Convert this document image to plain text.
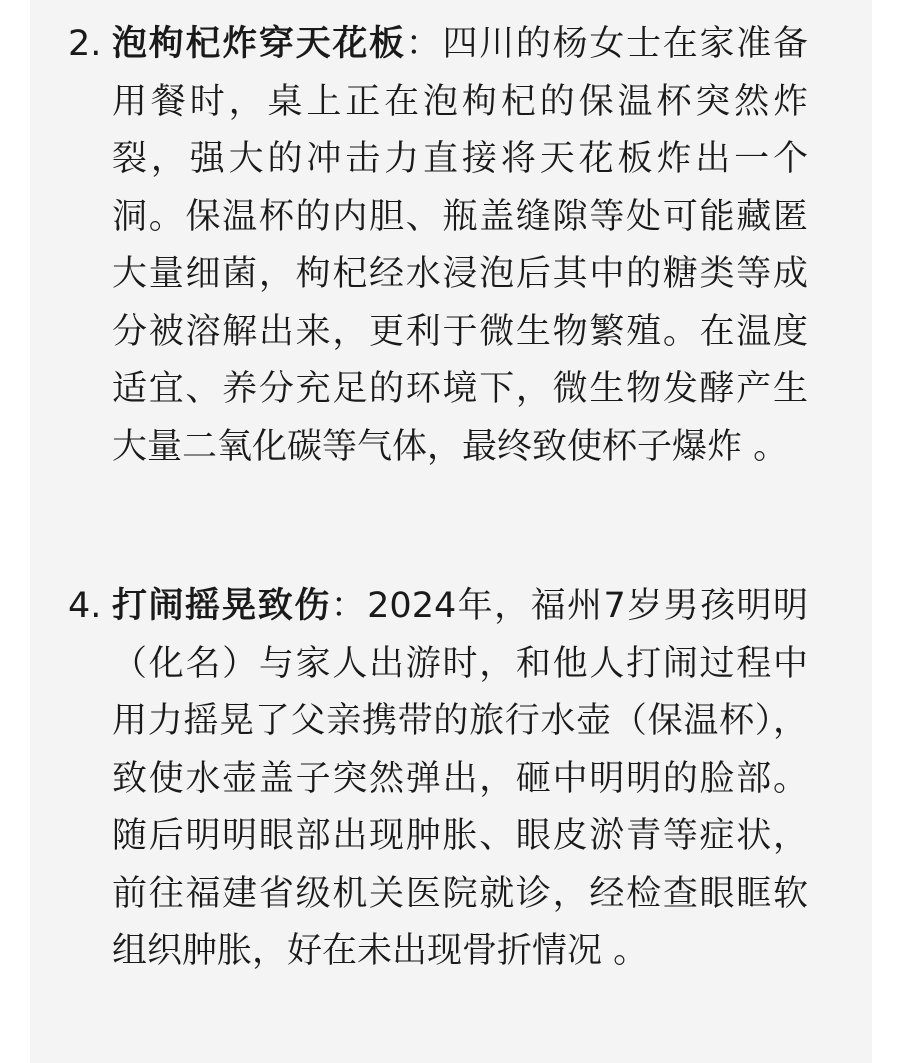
2. 泡枸杞炸穿天花板：四川的杨女士在家准备用餐时，桌上正在泡枸杞的保温杯突然炸裂，强大的冲击力直接将天花板炸出一个洞。保温杯的内胆、瓶盖缝隙等处可能藏匿大量细菌，枸杞经水浸泡后其中的糖类等成分被溶解出来，更利于微生物繁殖。在温度适宜、养分充足的环境下，微生物发酵产生大量二氧化碳等气体，最终致使杯子爆炸 。
4. 打闹摇晃致伤：2024年，福州7岁男孩明明（化名）与家人出游时，和他人打闹过程中用力摇晃了父亲携带的旅行水壶（保温杯），致使水壶盖子突然弹出，砸中明明的脸部。随后明明眼部出现肿胀、眼皮淤青等症状，前往福建省级机关医院就诊，经检查眼眶软组织肿胀，好在未出现骨折情况 。
